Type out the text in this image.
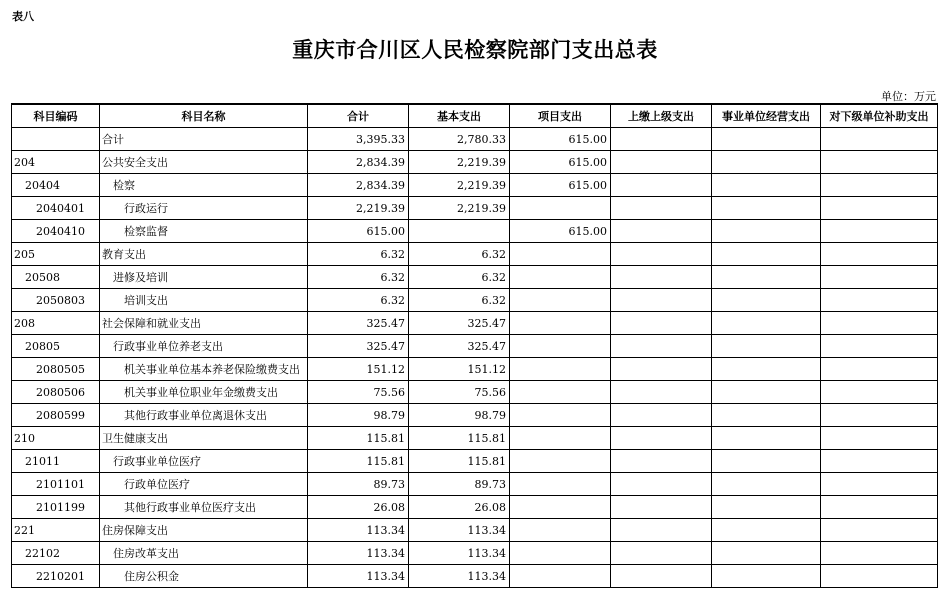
表八
重庆市合川区人民检察院部门支出总表
单位：万元
科目编码	科目名称	合计	基本支出	项目支出	上缴上级支出	事业单位经营支出	对下级单位补助支出
	合计	3,395.33	2,780.33	615.00			
204	公共安全支出	2,834.39	2,219.39	615.00			
20404	检察	2,834.39	2,219.39	615.00			
2040401	行政运行	2,219.39	2,219.39				
2040410	检察监督	615.00		615.00			
205	教育支出	6.32	6.32				
20508	进修及培训	6.32	6.32				
2050803	培训支出	6.32	6.32				
208	社会保障和就业支出	325.47	325.47				
20805	行政事业单位养老支出	325.47	325.47				
2080505	机关事业单位基本养老保险缴费支出	151.12	151.12				
2080506	机关事业单位职业年金缴费支出	75.56	75.56				
2080599	其他行政事业单位离退休支出	98.79	98.79				
210	卫生健康支出	115.81	115.81				
21011	行政事业单位医疗	115.81	115.81				
2101101	行政单位医疗	89.73	89.73				
2101199	其他行政事业单位医疗支出	26.08	26.08				
221	住房保障支出	113.34	113.34				
22102	住房改革支出	113.34	113.34				
2210201	住房公积金	113.34	113.34				
